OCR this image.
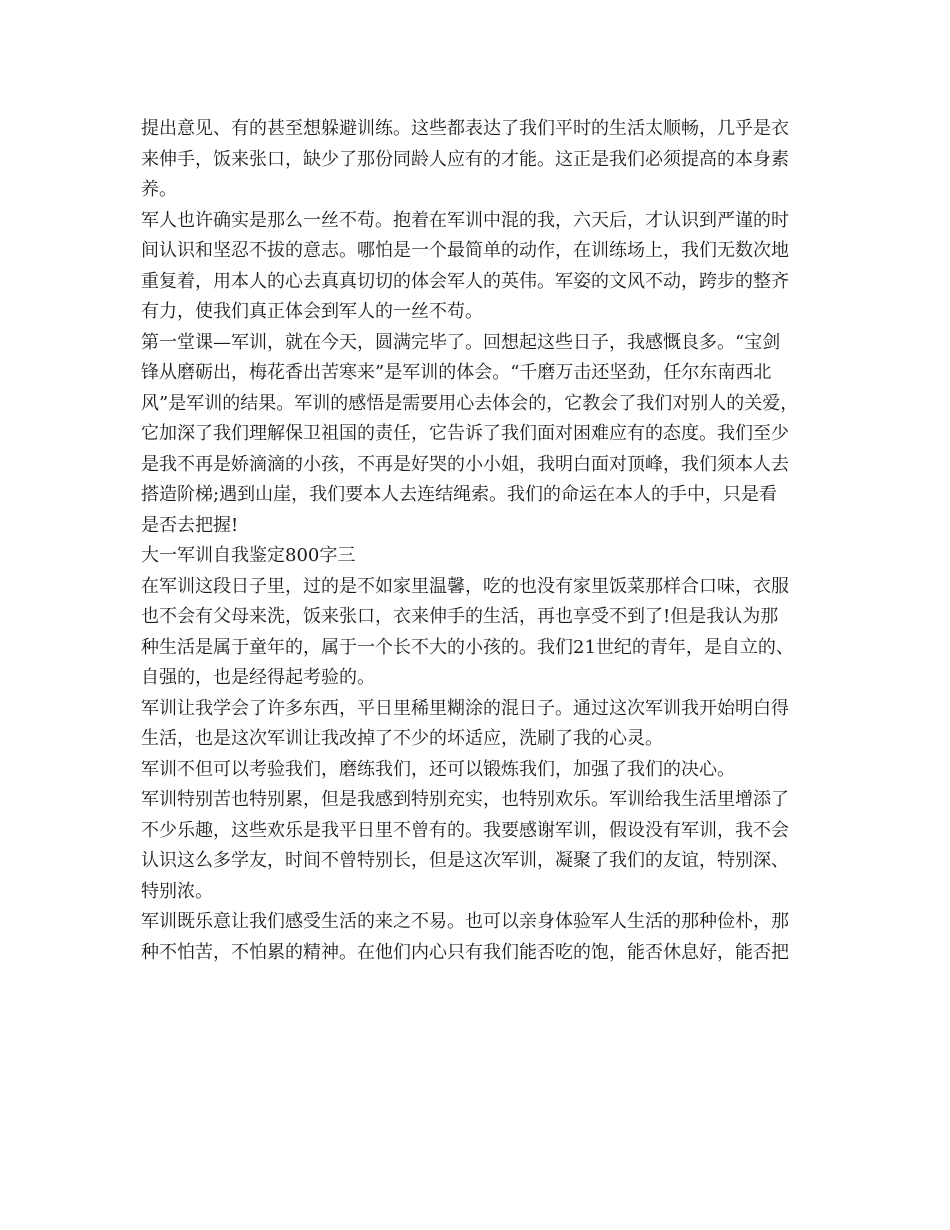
提出意见、有的甚至想躲避训练。这些都表达了我们平时的生活太顺畅，几乎是衣
来伸手，饭来张口，缺少了那份同龄人应有的才能。这正是我们必须提高的本身素
养。
军人也许确实是那么一丝不苟。抱着在军训中混的我，六天后，才认识到严谨的时
间认识和坚忍不拔的意志。哪怕是一个最简单的动作，在训练场上，我们无数次地
重复着，用本人的心去真真切切的体会军人的英伟。军姿的文风不动，跨步的整齐
有力，使我们真正体会到军人的一丝不苟。
第一堂课—军训，就在今天，圆满完毕了。回想起这些日子，我感慨良多。“宝剑
锋从磨砺出，梅花香出苦寒来”是军训的体会。“千磨万击还坚劲，任尔东南西北
风”是军训的结果。军训的感悟是需要用心去体会的，它教会了我们对别人的关爱，
它加深了我们理解保卫祖国的责任，它告诉了我们面对困难应有的态度。我们至少
是我不再是娇滴滴的小孩，不再是好哭的小小姐，我明白面对顶峰，我们须本人去
搭造阶梯;遇到山崖，我们要本人去连结绳索。我们的命运在本人的手中，只是看
是否去把握!
大一军训自我鉴定800字三
在军训这段日子里，过的是不如家里温馨，吃的也没有家里饭菜那样合口味，衣服
也不会有父母来洗，饭来张口，衣来伸手的生活，再也享受不到了!但是我认为那
种生活是属于童年的，属于一个长不大的小孩的。我们21世纪的青年，是自立的、
自强的，也是经得起考验的。
军训让我学会了许多东西，平日里稀里糊涂的混日子。通过这次军训我开始明白得
生活，也是这次军训让我改掉了不少的坏适应，洗刷了我的心灵。
军训不但可以考验我们，磨练我们，还可以锻炼我们，加强了我们的决心。
军训特别苦也特别累，但是我感到特别充实，也特别欢乐。军训给我生活里增添了
不少乐趣，这些欢乐是我平日里不曾有的。我要感谢军训，假设没有军训，我不会
认识这么多学友，时间不曾特别长，但是这次军训，凝聚了我们的友谊，特别深、
特别浓。
军训既乐意让我们感受生活的来之不易。也可以亲身体验军人生活的那种俭朴，那
种不怕苦，不怕累的精神。在他们内心只有我们能否吃的饱，能否休息好，能否把
